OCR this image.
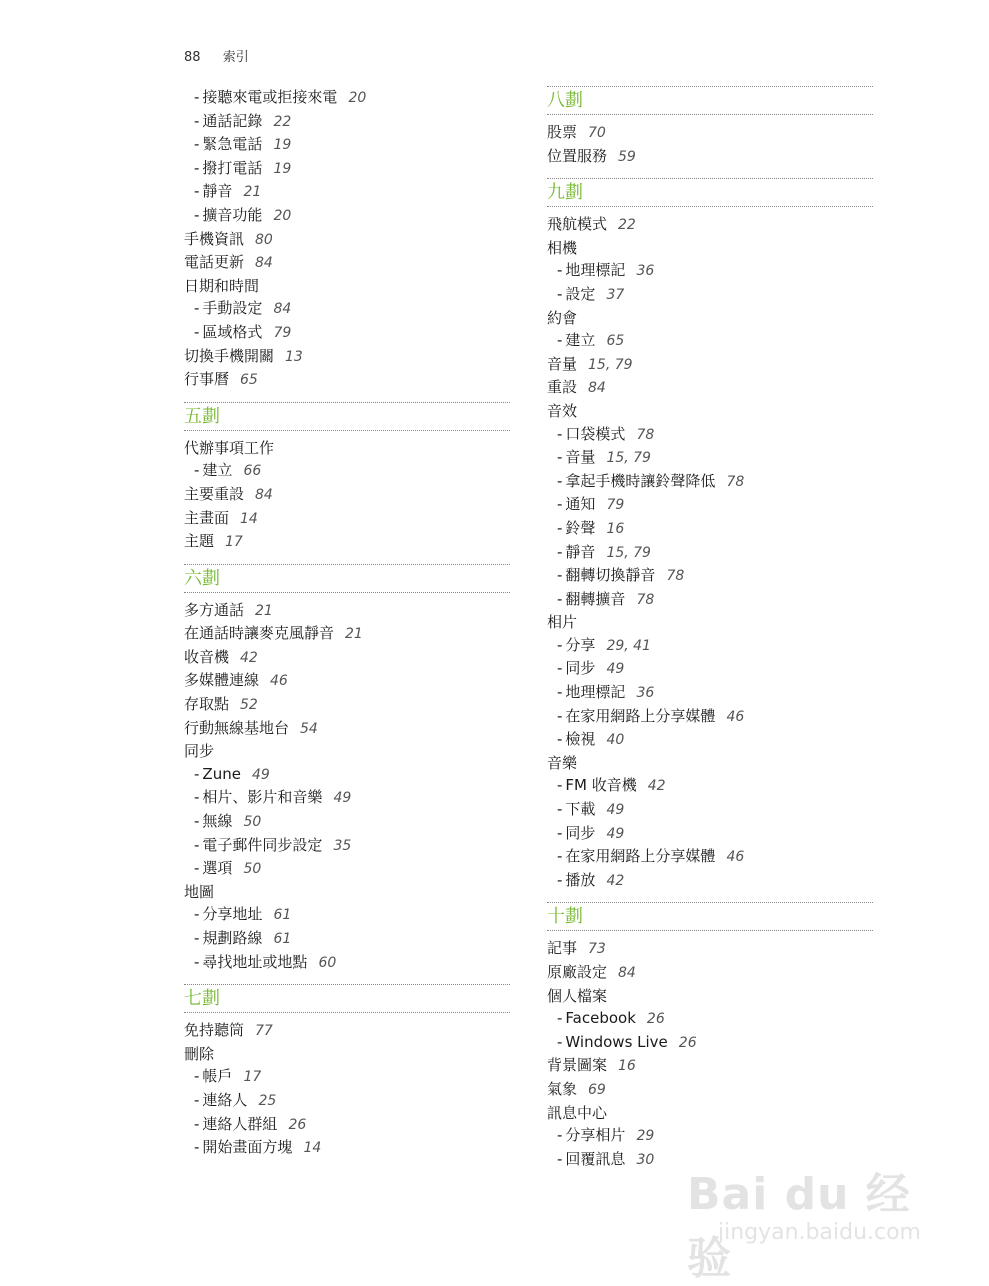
88 索引
- 接聽來電或拒接來電 20
- 通話記錄 22
- 緊急電話 19
- 撥打電話 19
- 靜音 21
- 擴音功能 20
手機資訊 80
電話更新 84
日期和時間
- 手動設定 84
- 區域格式 79
切換手機開關 13
行事曆 65
五劃
代辦事項工作
- 建立 66
主要重設 84
主畫面 14
主題 17
六劃
多方通話 21
在通話時讓麥克風靜音 21
收音機 42
多媒體連線 46
存取點 52
行動無線基地台 54
同步
- Zune 49
- 相片、影片和音樂 49
- 無線 50
- 電子郵件同步設定 35
- 選項 50
地圖
- 分享地址 61
- 規劃路線 61
- 尋找地址或地點 60
七劃
免持聽筒 77
刪除
- 帳戶 17
- 連絡人 25
- 連絡人群組 26
- 開始畫面方塊 14
八劃
股票 70
位置服務 59
九劃
飛航模式 22
相機
- 地理標記 36
- 設定 37
約會
- 建立 65
音量 15, 79
重設 84
音效
- 口袋模式 78
- 音量 15, 79
- 拿起手機時讓鈴聲降低 78
- 通知 79
- 鈴聲 16
- 靜音 15, 79
- 翻轉切換靜音 78
- 翻轉擴音 78
相片
- 分享 29, 41
- 同步 49
- 地理標記 36
- 在家用網路上分享媒體 46
- 檢視 40
音樂
- FM 收音機 42
- 下載 49
- 同步 49
- 在家用網路上分享媒體 46
- 播放 42
十劃
記事 73
原廠設定 84
個人檔案
- Facebook 26
- Windows Live 26
背景圖案 16
氣象 69
訊息中心
- 分享相片 29
- 回覆訊息 30
Bai du 经验
jingyan.baidu.com
